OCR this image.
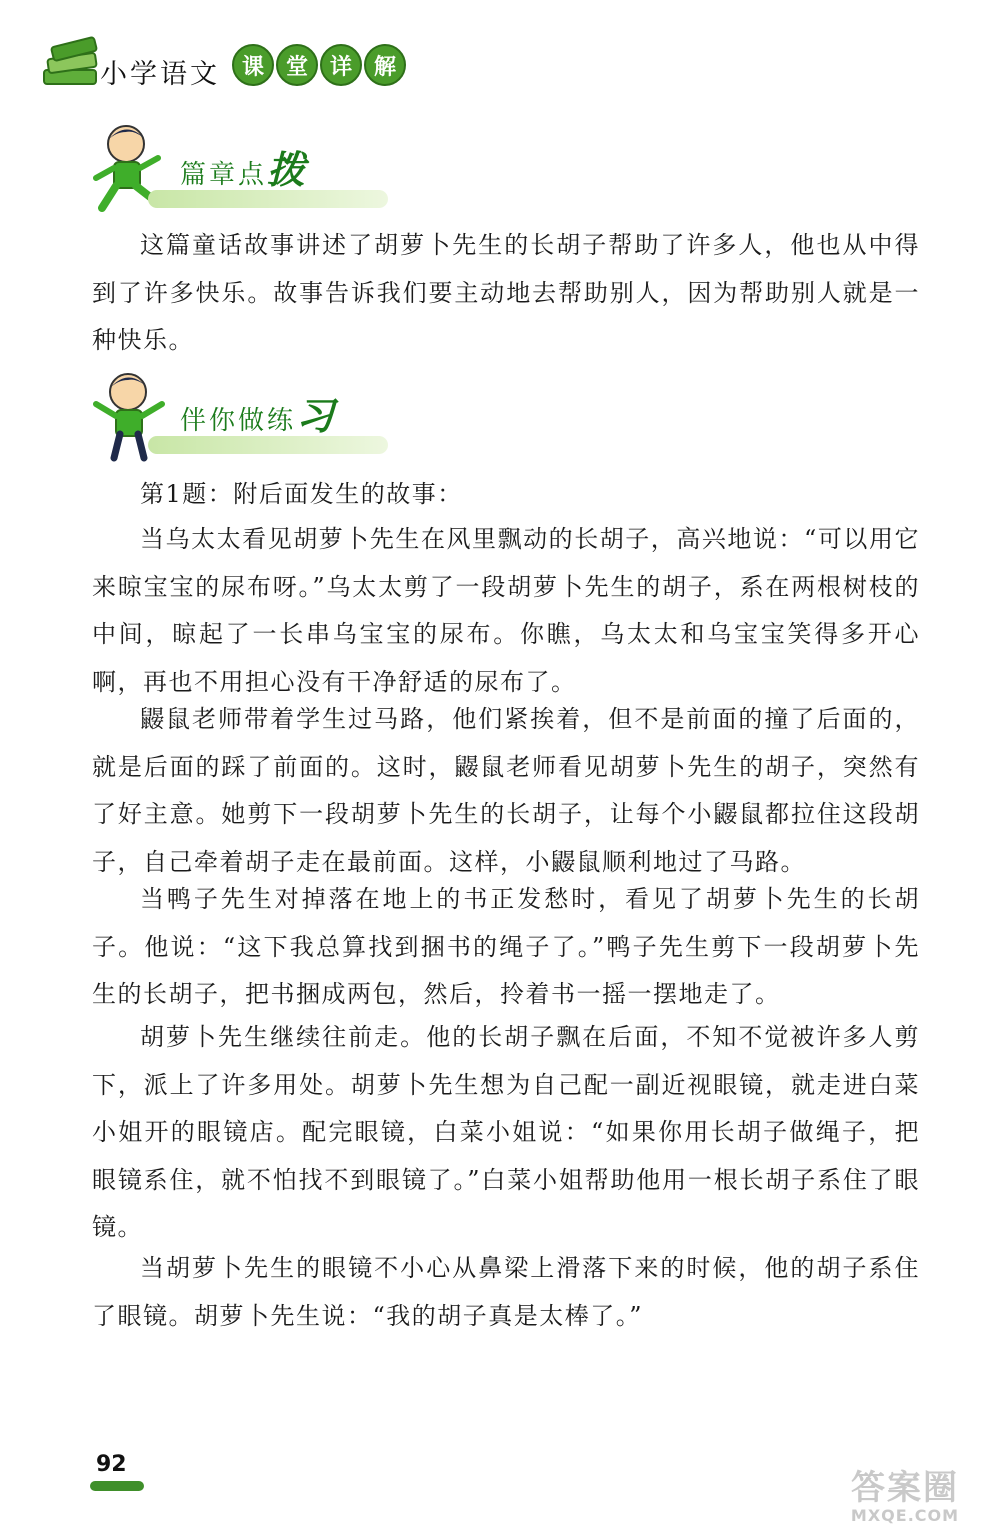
小学语文 课 堂 详 解
篇章点拨

这篇童话故事讲述了胡萝卜先生的长胡子帮助了许多人，他也从中得到了许多快乐。故事告诉我们要主动地去帮助别人，因为帮助别人就是一种快乐。

伴你做练习

第1题：附后面发生的故事：

当乌太太看见胡萝卜先生在风里飘动的长胡子，高兴地说：“可以用它来晾宝宝的尿布呀。”乌太太剪了一段胡萝卜先生的胡子，系在两根树枝的中间，晾起了一长串乌宝宝的尿布。你瞧，乌太太和乌宝宝笑得多开心啊，再也不用担心没有干净舒适的尿布了。

鼹鼠老师带着学生过马路，他们紧挨着，但不是前面的撞了后面的，就是后面的踩了前面的。这时，鼹鼠老师看见胡萝卜先生的胡子，突然有了好主意。她剪下一段胡萝卜先生的长胡子，让每个小鼹鼠都拉住这段胡子，自己牵着胡子走在最前面。这样，小鼹鼠顺利地过了马路。

当鸭子先生对掉落在地上的书正发愁时，看见了胡萝卜先生的长胡子。他说：“这下我总算找到捆书的绳子了。”鸭子先生剪下一段胡萝卜先生的长胡子，把书捆成两包，然后，拎着书一摇一摆地走了。

胡萝卜先生继续往前走。他的长胡子飘在后面，不知不觉被许多人剪下，派上了许多用处。胡萝卜先生想为自己配一副近视眼镜，就走进白菜小姐开的眼镜店。配完眼镜，白菜小姐说：“如果你用长胡子做绳子，把眼镜系住，就不怕找不到眼镜了。”白菜小姐帮助他用一根长胡子系住了眼镜。

当胡萝卜先生的眼镜不小心从鼻梁上滑落下来的时候，他的胡子系住了眼镜。胡萝卜先生说：“我的胡子真是太棒了。”

92
答案圈
MXQE.COM
